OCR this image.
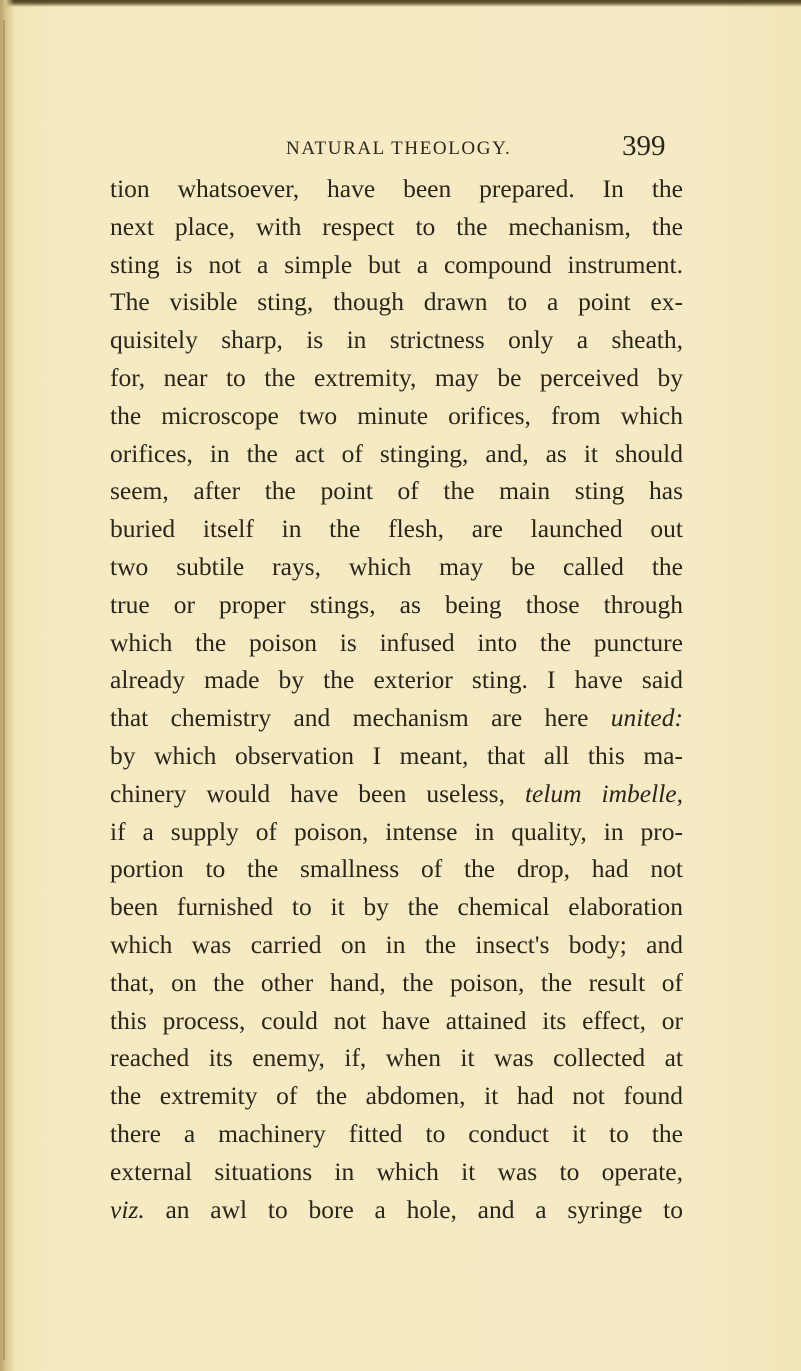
NATURAL THEOLOGY.	399
tion whatsoever, have been prepared. In the
next place, with respect to the mechanism, the
sting is not a simple but a compound instrument.
The visible sting, though drawn to a point ex-
quisitely sharp, is in strictness only a sheath,
for, near to the extremity, may be perceived by
the microscope two minute orifices, from which
orifices, in the act of stinging, and, as it should
seem, after the point of the main sting has
buried itself in the flesh, are launched out
two subtile rays, which may be called the
true or proper stings, as being those through
which the poison is infused into the puncture
already made by the exterior sting. I have said
that chemistry and mechanism are here united:
by which observation I meant, that all this ma-
chinery would have been useless, telum imbelle,
if a supply of poison, intense in quality, in pro-
portion to the smallness of the drop, had not
been furnished to it by the chemical elaboration
which was carried on in the insect's body; and
that, on the other hand, the poison, the result of
this process, could not have attained its effect, or
reached its enemy, if, when it was collected at
the extremity of the abdomen, it had not found
there a machinery fitted to conduct it to the
external situations in which it was to operate,
viz. an awl to bore a hole, and a syringe to
